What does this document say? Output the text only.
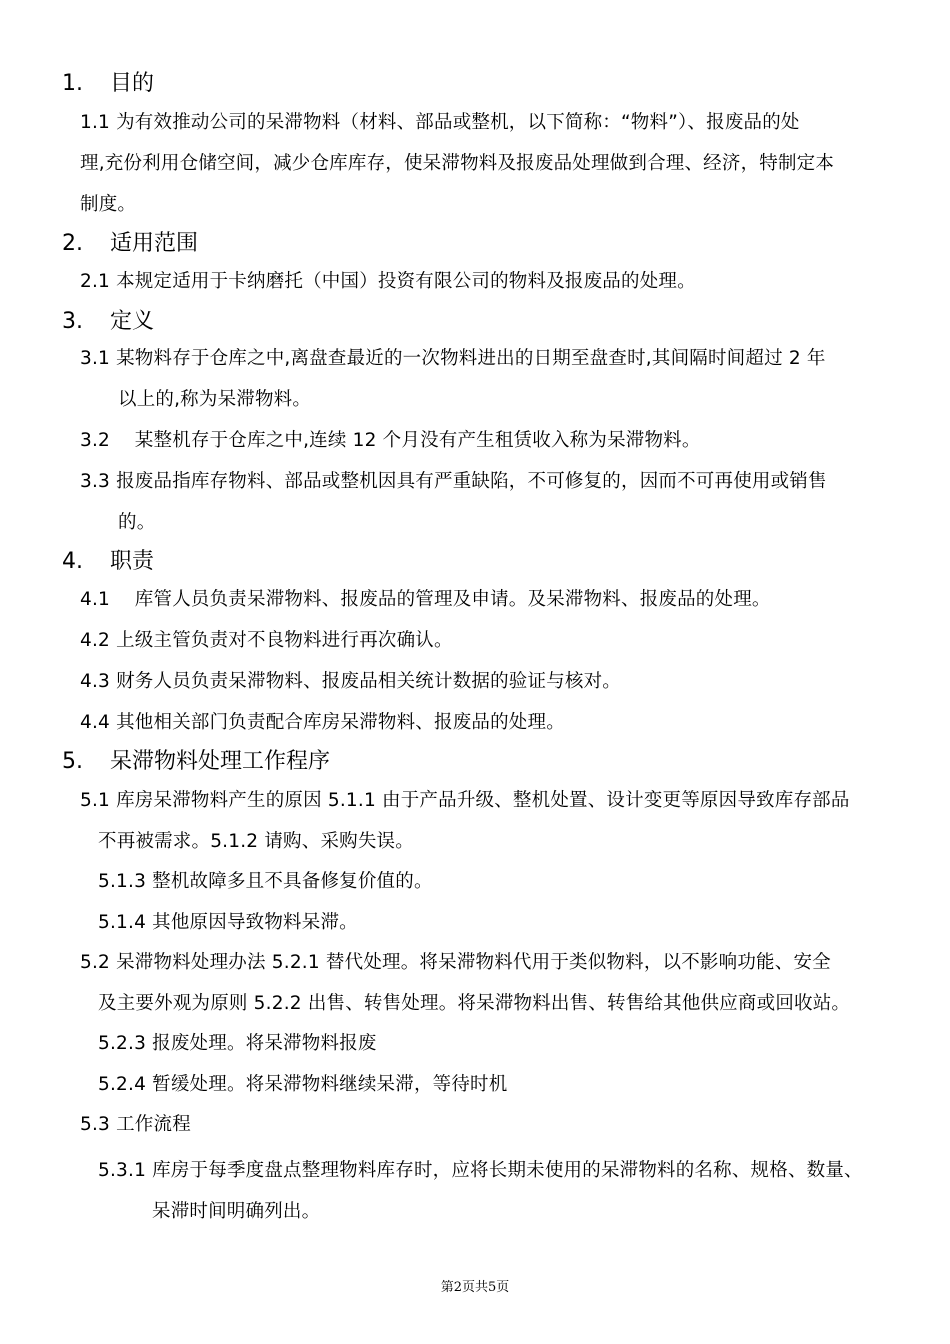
1. 目的
1.1 为有效推动公司的呆滞物料（材料、部品或整机，以下简称：“物料”）、报废品的处
理,充份利用仓储空间，减少仓库库存，使呆滞物料及报废品处理做到合理、经济，特制定本
制度。
2. 适用范围
2.1 本规定适用于卡纳磨托（中国）投资有限公司的物料及报废品的处理。
3. 定义
3.1 某物料存于仓库之中,离盘查最近的一次物料进出的日期至盘查时,其间隔时间超过 2 年
以上的,称为呆滞物料。
3.2　 某整机存于仓库之中,连续 12 个月没有产生租赁收入称为呆滞物料。
3.3 报废品指库存物料、部品或整机因具有严重缺陷，不可修复的，因而不可再使用或销售
的。
4. 职责
4.1　 库管人员负责呆滞物料、报废品的管理及申请。及呆滞物料、报废品的处理。
4.2 上级主管负责对不良物料进行再次确认。
4.3 财务人员负责呆滞物料、报废品相关统计数据的验证与核对。
4.4 其他相关部门负责配合库房呆滞物料、报废品的处理。
5. 呆滞物料处理工作程序
5.1 库房呆滞物料产生的原因 5.1.1 由于产品升级、整机处置、设计变更等原因导致库存部品
不再被需求。5.1.2 请购、采购失误。
5.1.3 整机故障多且不具备修复价值的。
5.1.4 其他原因导致物料呆滞。
5.2 呆滞物料处理办法 5.2.1 替代处理。将呆滞物料代用于类似物料，以不影响功能、安全
及主要外观为原则 5.2.2 出售、转售处理。将呆滞物料出售、转售给其他供应商或回收站。
5.2.3 报废处理。将呆滞物料报废
5.2.4 暂缓处理。将呆滞物料继续呆滞，等待时机
5.3 工作流程
5.3.1 库房于每季度盘点整理物料库存时，应将长期未使用的呆滞物料的名称、规格、数量、
呆滞时间明确列出。
第2页共5页
